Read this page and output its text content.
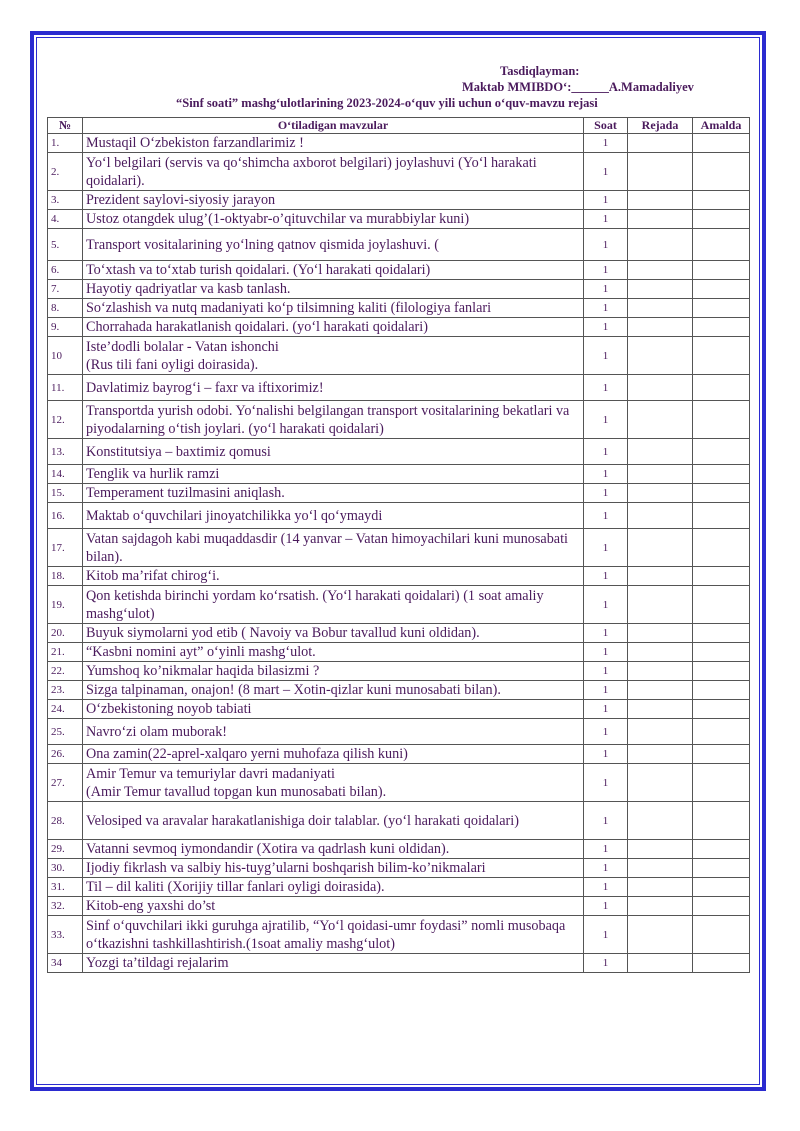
Tasdiqlayman:
Maktab MMIBDO‘:______A.Mamadaliyev
“Sinf soati” mashg‘ulotlarining 2023-2024-o‘quv yili uchun o‘quv-mavzu rejasi
№	O‘tiladigan mavzular	Soat	Rejada	Amalda
1.	Mustaqil O‘zbekiston farzandlarimiz !	1		
2.	Yo‘l belgilari (servis va qo‘shimcha axborot belgilari) joylashuvi (Yo‘l harakati qoidalari).	1		
3.	Prezident saylovi-siyosiy jarayon	1		
4.	Ustoz otangdek ulug’(1-oktyabr-o’qituvchilar va murabbiylar kuni)	1		
5.	Transport vositalarining yo‘lning qatnov qismida joylashuvi. (	1		
6.	To‘xtash va to‘xtab turish qoidalari. (Yo‘l harakati qoidalari)	1		
7.	Hayotiy qadriyatlar va kasb tanlash.	1		
8.	So‘zlashish va nutq madaniyati ko‘p tilsimning kaliti (filologiya fanlari	1		
9.	Chorrahada harakatlanish qoidalari. (yo‘l harakati qoidalari)	1		
10	Iste’dodli bolalar - Vatan ishonchi
(Rus tili fani oyligi doirasida).	1		
11.	Davlatimiz bayrog‘i – faxr va iftixorimiz!	1		
12.	Transportda yurish odobi. Yo‘nalishi belgilangan transport vositalarining bekatlari va piyodalarning o‘tish joylari. (yo‘l harakati qoidalari)	1		
13.	Konstitutsiya – baxtimiz qomusi	1		
14.	Tenglik va hurlik ramzi	1		
15.	Temperament tuzilmasini aniqlash.	1		
16.	Maktab o‘quvchilari jinoyatchilikka yo‘l qo‘ymaydi	1		
17.	Vatan sajdagoh kabi muqaddasdir (14 yanvar – Vatan himoyachilari kuni munosabati bilan).	1		
18.	Kitob ma’rifat chirog‘i.	1		
19.	Qon ketishda birinchi yordam ko‘rsatish. (Yo‘l harakati qoidalari) (1 soat amaliy mashg‘ulot)	1		
20.	Buyuk siymolarni yod etib ( Navoiy va Bobur tavallud kuni oldidan).	1		
21.	“Kasbni nomini ayt” o‘yinli mashg‘ulot.	1		
22.	Yumshoq ko’nikmalar haqida bilasizmi ?	1		
23.	Sizga talpinaman, onajon! (8 mart – Xotin-qizlar kuni munosabati bilan).	1		
24.	O‘zbekistoning noyob tabiati	1		
25.	Navro‘zi olam muborak!	1		
26.	Ona zamin(22-aprel-xalqaro yerni muhofaza qilish kuni)	1		
27.	Amir Temur va temuriylar davri madaniyati
(Amir Temur tavallud topgan kun munosabati bilan).	1		
28.	Velosiped va aravalar harakatlanishiga doir talablar. (yo‘l harakati qoidalari)	1		
29.	Vatanni sevmoq iymondandir (Xotira va qadrlash kuni oldidan).	1		
30.	Ijodiy fikrlash va salbiy his-tuyg’ularni boshqarish bilim-ko’nikmalari	1		
31.	Til – dil kaliti (Xorijiy tillar fanlari oyligi doirasida).	1		
32.	Kitob-eng yaxshi do’st	1		
33.	Sinf o‘quvchilari ikki guruhga ajratilib, “Yo‘l qoidasi-umr foydasi” nomli musobaqa o‘tkazishni tashkillashtirish.(1soat amaliy mashg‘ulot)	1		
34	Yozgi ta’tildagi rejalarim	1		
